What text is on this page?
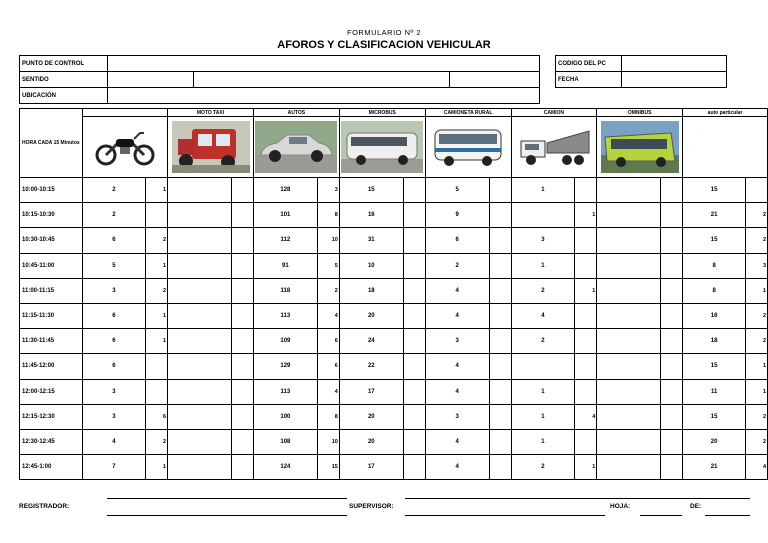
FORMULARIO Nº 2
AFOROS Y CLASIFICACION VEHICULAR
PUNTO DE CONTROL					CODIGO DEL PC	
SENTIDO					FECHA	
UBICACIÓN						
HORA CADA 15 Minutos			MOTO TAXI		AUTOS		MICROBUS		CAMIONETA RURAL		CAMION		OMNIBUS		auto particular	

10:00-10:15	2	1			128	3	15		5		1				15	
10:15-10:30	2				101	8	16		9			1			21	2
10:30-10:45	6	2			112	10	31		6		3				15	2
10:45-11:00	5	1			91	5	10		2		1				8	3
11:00-11:15	3	2			118	2	18		4		2	1			8	1
11:15-11:30	6	1			113	4	20		4		4				16	2
11:30-11:45	6	1			109	6	24		3		2				18	2
11:45-12:00	6				129	6	22		4						15	1
12:00-12:15	3				113	4	17		4		1				11	1
12:15-12:30	3	6			100	8	20		3		1	4			15	2
12:30-12:45	4	2			108	10	20		4		1				20	2
12:45-1:00	7	1			124	15	17		4		2	1			21	4
REGISTRADOR:	SUPERVISOR:	HOJA:	DE:
